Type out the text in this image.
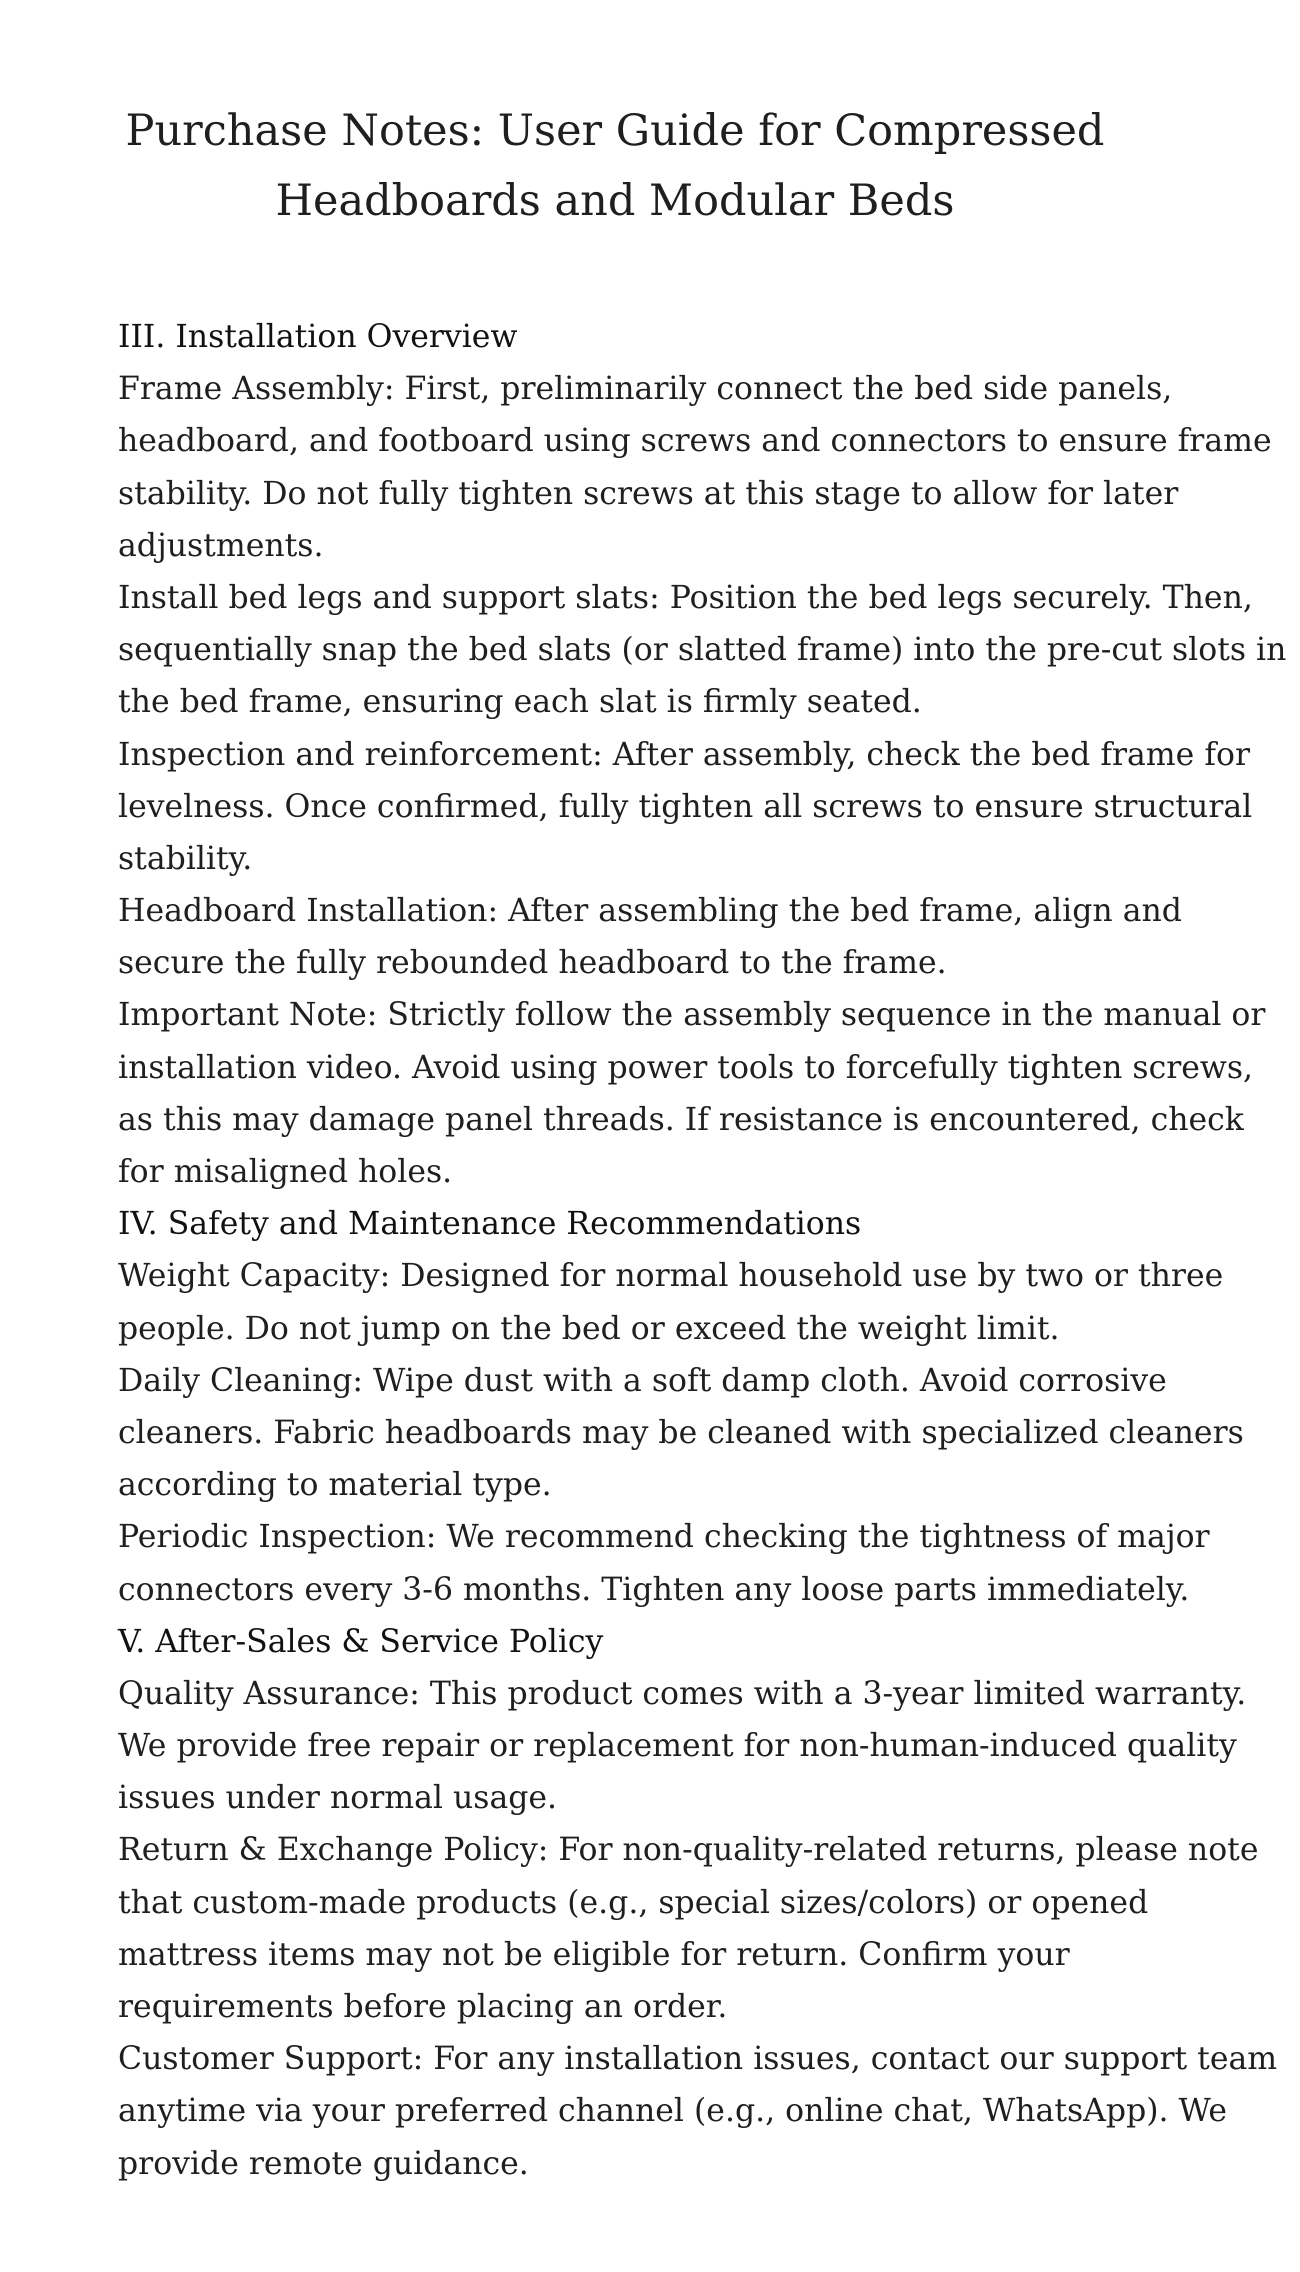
Purchase Notes: User Guide for Compressed
Headboards and Modular Beds

III. Installation Overview

Frame Assembly: First, preliminarily connect the bed side panels,

headboard, and footboard using screws and connectors to ensure frame

stability. Do not fully tighten screws at this stage to allow for later

adjustments.

Install bed legs and support slats: Position the bed legs securely. Then,

sequentially snap the bed slats (or slatted frame) into the pre-cut slots in

the bed frame, ensuring each slat is firmly seated.

Inspection and reinforcement: After assembly, check the bed frame for

levelness. Once confirmed, fully tighten all screws to ensure structural

stability.

Headboard Installation: After assembling the bed frame, align and

secure the fully rebounded headboard to the frame.

Important Note: Strictly follow the assembly sequence in the manual or

installation video. Avoid using power tools to forcefully tighten screws,

as this may damage panel threads. If resistance is encountered, check

for misaligned holes.

IV. Safety and Maintenance Recommendations

Weight Capacity: Designed for normal household use by two or three

people. Do not jump on the bed or exceed the weight limit.

Daily Cleaning: Wipe dust with a soft damp cloth. Avoid corrosive

cleaners. Fabric headboards may be cleaned with specialized cleaners

according to material type.

Periodic Inspection: We recommend checking the tightness of major

connectors every 3-6 months. Tighten any loose parts immediately.

V. After-Sales & Service Policy

Quality Assurance: This product comes with a 3-year limited warranty.

We provide free repair or replacement for non-human-induced quality

issues under normal usage.

Return & Exchange Policy: For non-quality-related returns, please note

that custom-made products (e.g., special sizes/colors) or opened

mattress items may not be eligible for return. Confirm your

requirements before placing an order.

Customer Support: For any installation issues, contact our support team

anytime via your preferred channel (e.g., online chat, WhatsApp). We

provide remote guidance.
